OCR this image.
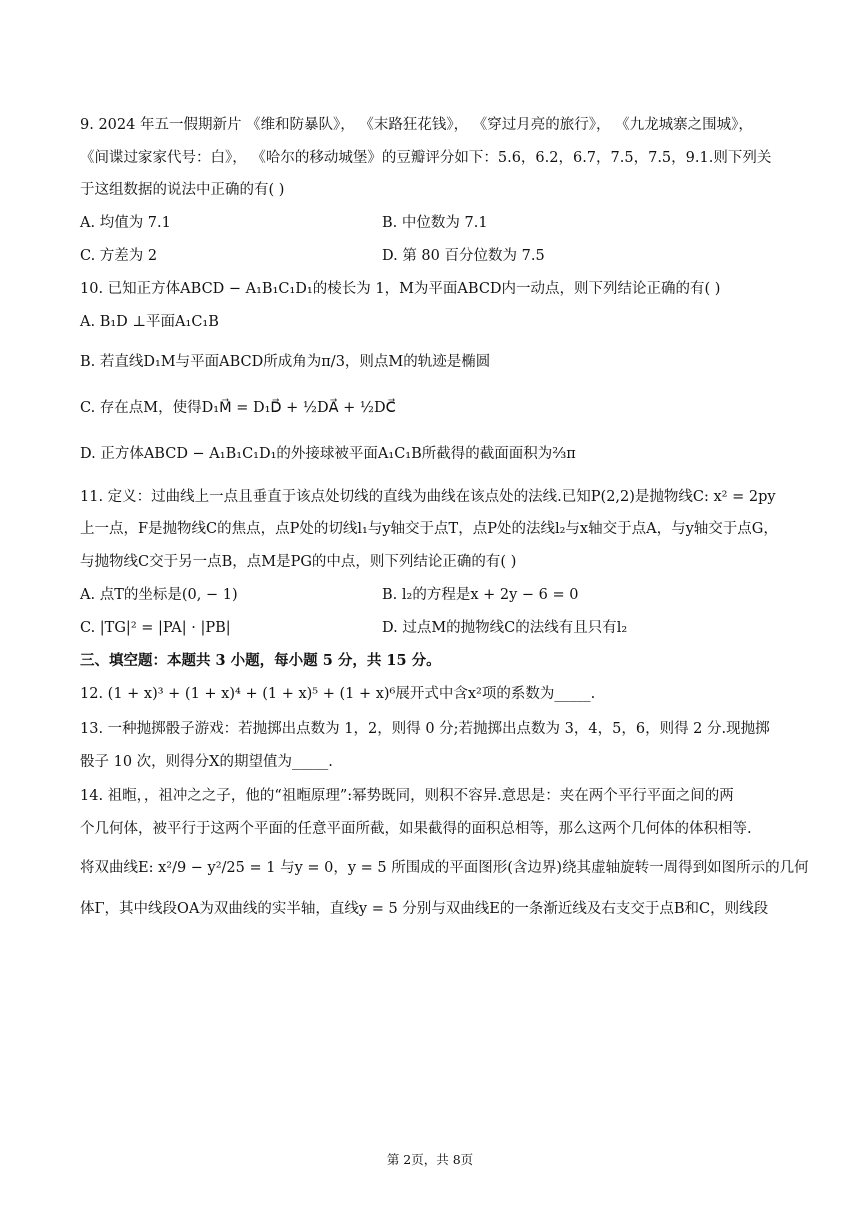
9. 2024 年五一假期新片 《维和防暴队》， 《末路狂花钱》， 《穿过月亮的旅行》， 《九龙城寨之围城》，
《间谍过家家代号：白》， 《哈尔的移动城堡》的豆瓣评分如下：5.6，6.2，6.7，7.5，7.5，9.1.则下列关
于这组数据的说法中正确的有( )
A. 均值为 7.1	B. 中位数为 7.1
C. 方差为 2	D. 第 80 百分位数为 7.5
10. 已知正方体ABCD − A₁B₁C₁D₁的棱长为 1，M为平面ABCD内一动点，则下列结论正确的有( )
A. B₁D ⊥平面A₁C₁B
B. 若直线D₁M与平面ABCD所成角为π/3，则点M的轨迹是椭圆
C. 存在点M，使得D₁M⃗ = D₁D⃗ + ½DA⃗ + ½DC⃗
D. 正方体ABCD − A₁B₁C₁D₁的外接球被平面A₁C₁B所截得的截面面积为⅔π
11. 定义：过曲线上一点且垂直于该点处切线的直线为曲线在该点处的法线.已知P(2,2)是抛物线C: x² = 2py
上一点，F是抛物线C的焦点，点P处的切线l₁与y轴交于点T，点P处的法线l₂与x轴交于点A，与y轴交于点G，
与抛物线C交于另一点B，点M是PG的中点，则下列结论正确的有( )
A. 点T的坐标是(0, − 1)	B. l₂的方程是x + 2y − 6 = 0
C. |TG|² = |PA| · |PB|	D. 过点M的抛物线C的法线有且只有l₂
三、填空题：本题共 3 小题，每小题 5 分，共 15 分。
12. (1 + x)³ + (1 + x)⁴ + (1 + x)⁵ + (1 + x)⁶展开式中含x²项的系数为_____.
13. 一种抛掷骰子游戏：若抛掷出点数为 1，2，则得 0 分;若抛掷出点数为 3，4，5，6，则得 2 分.现抛掷
骰子 10 次，则得分X的期望值为_____.
14. 祖暅，，祖冲之之子，他的“祖暅原理”:幂势既同，则积不容异.意思是：夹在两个平行平面之间的两
个几何体，被平行于这两个平面的任意平面所截，如果截得的面积总相等，那么这两个几何体的体积相等.
将双曲线E: x²/9 − y²/25 = 1 与y = 0，y = 5 所围成的平面图形(含边界)绕其虚轴旋转一周得到如图所示的几何
体Γ，其中线段OA为双曲线的实半轴，直线y = 5 分别与双曲线E的一条渐近线及右支交于点B和C，则线段
第 2页，共 8页
